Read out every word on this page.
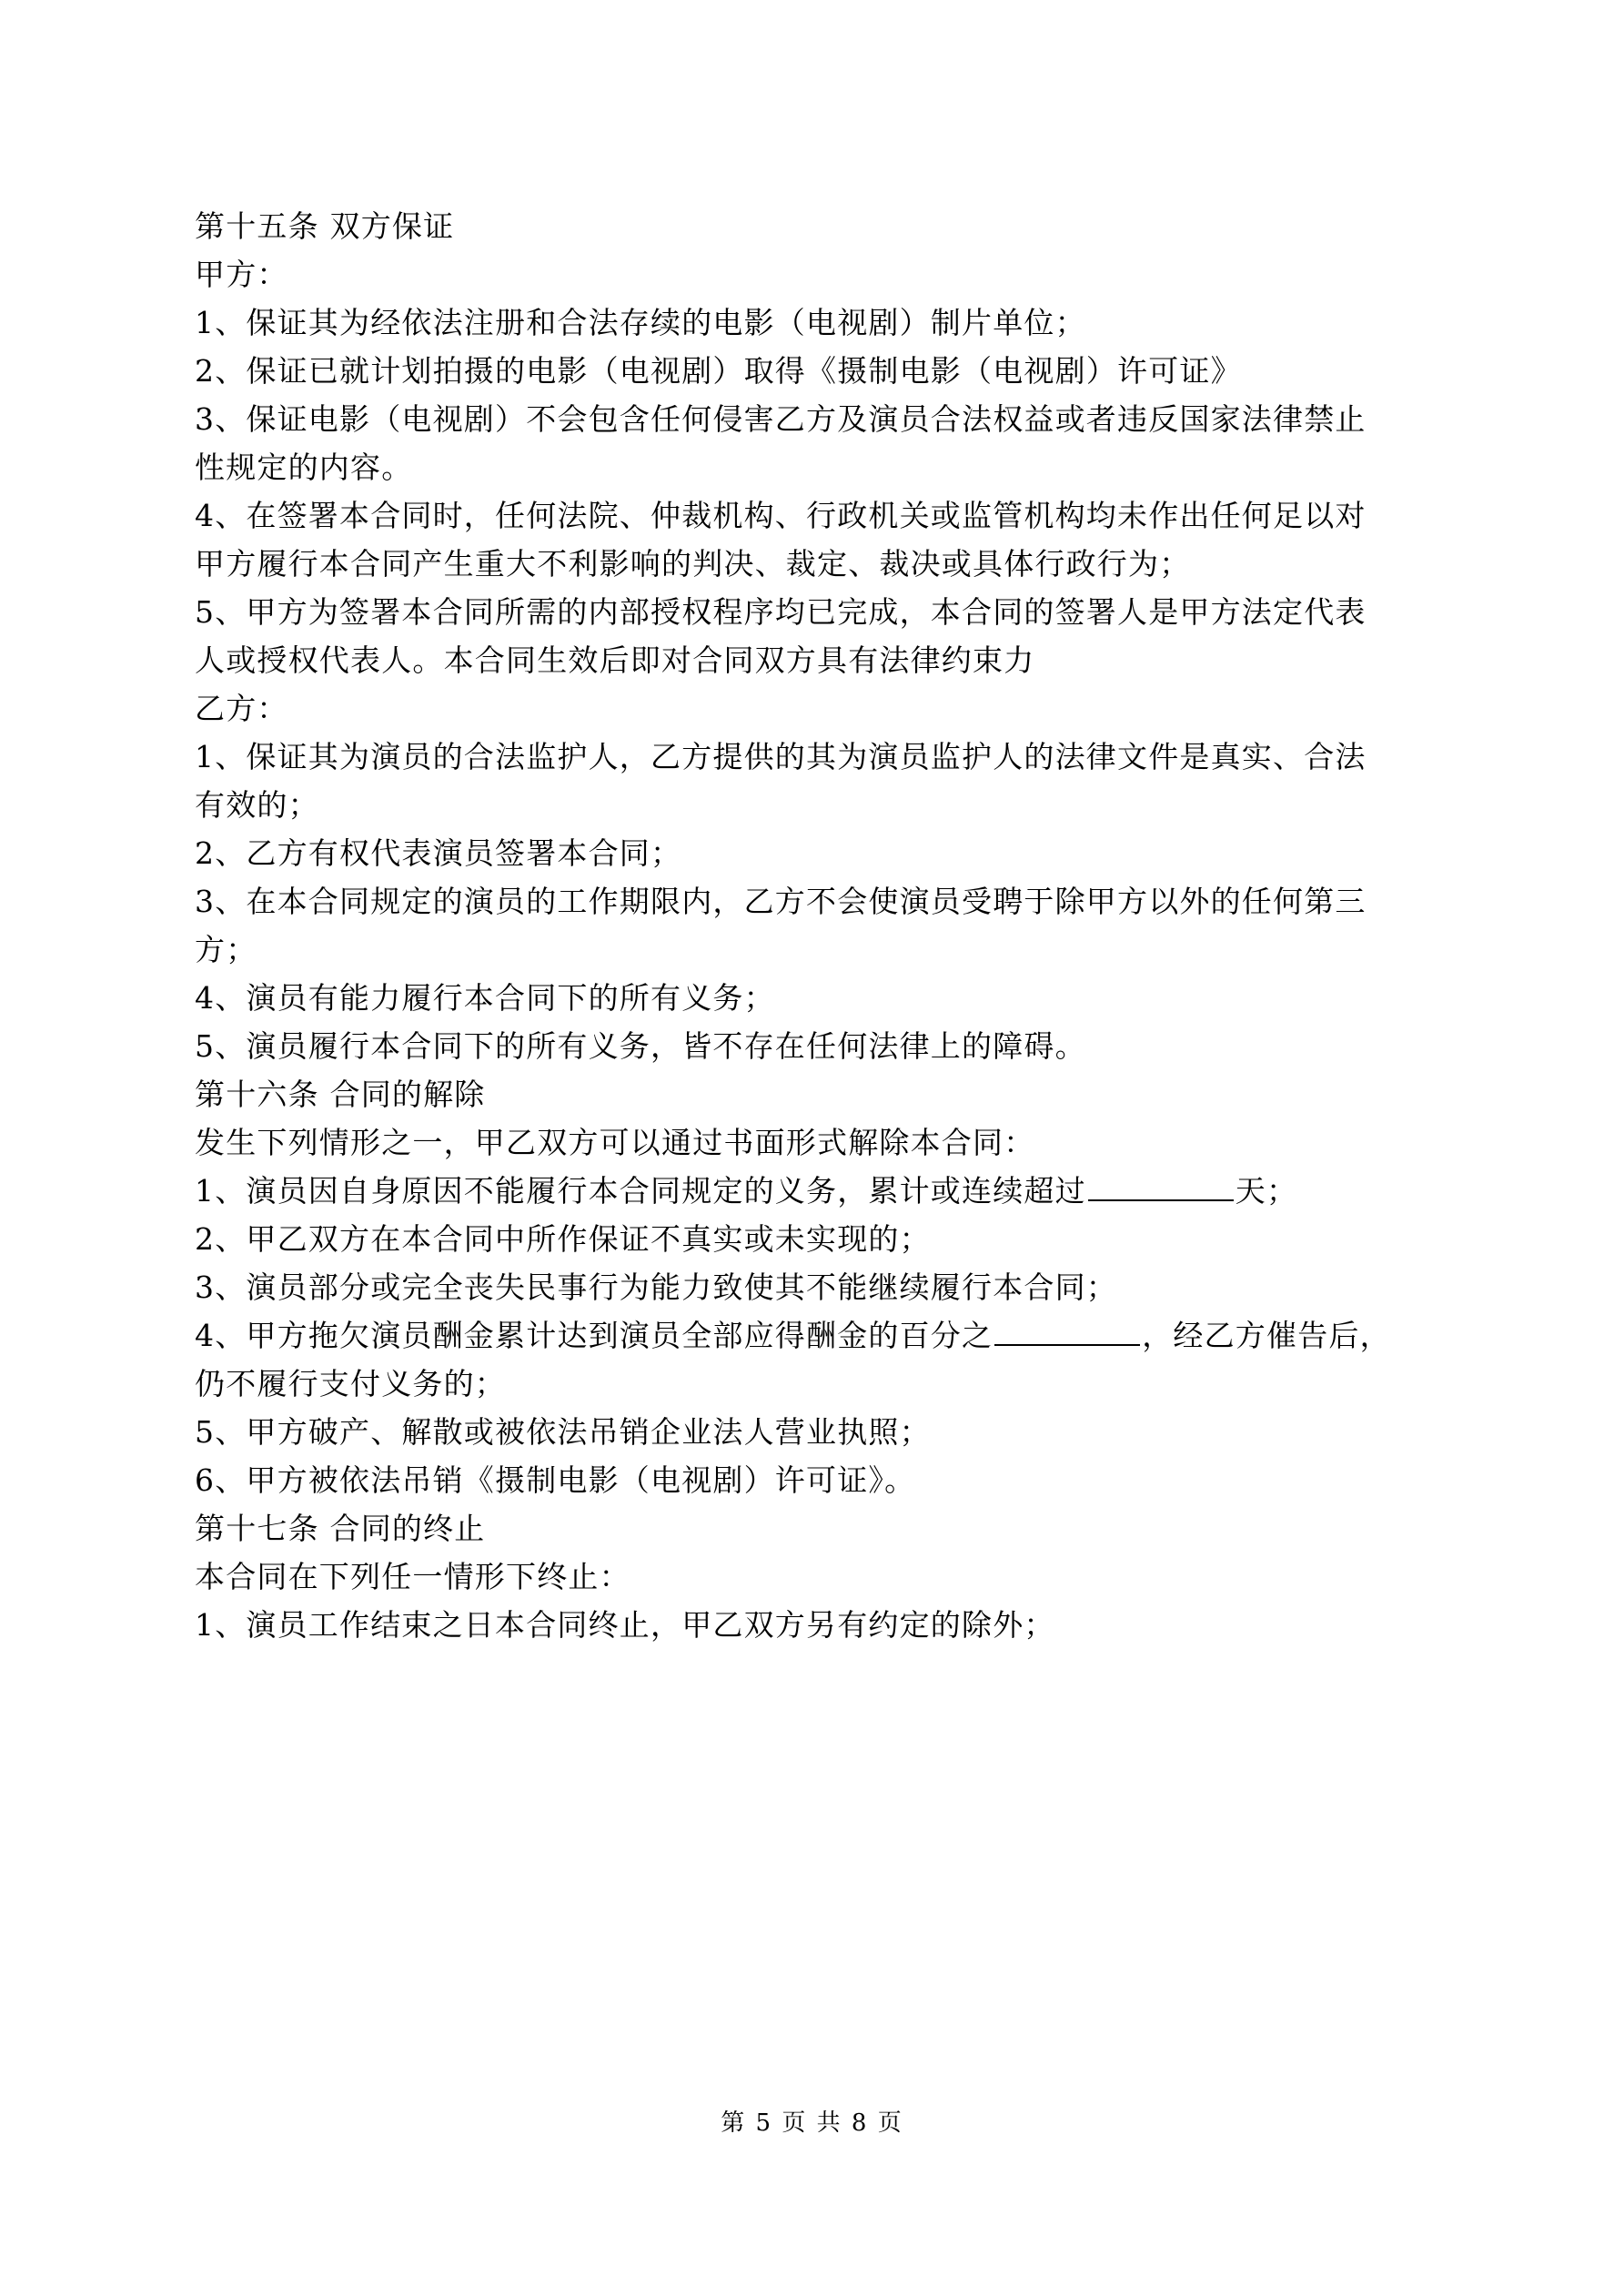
第十五条 双方保证

甲方：

1、保证其为经依法注册和合法存续的电影（电视剧）制片单位；

2、保证已就计划拍摄的电影（电视剧）取得《摄制电影（电视剧）许可证》

3、保证电影（电视剧）不会包含任何侵害乙方及演员合法权益或者违反国家法律禁止

性规定的内容。

4、在签署本合同时，任何法院、仲裁机构、行政机关或监管机构均未作出任何足以对

甲方履行本合同产生重大不利影响的判决、裁定、裁决或具体行政行为；

5、甲方为签署本合同所需的内部授权程序均已完成，本合同的签署人是甲方法定代表

人或授权代表人。本合同生效后即对合同双方具有法律约束力

乙方：

1、保证其为演员的合法监护人，乙方提供的其为演员监护人的法律文件是真实、合法

有效的；

2、乙方有权代表演员签署本合同；

3、在本合同规定的演员的工作期限内，乙方不会使演员受聘于除甲方以外的任何第三

方；

4、演员有能力履行本合同下的所有义务；

5、演员履行本合同下的所有义务，皆不存在任何法律上的障碍。

第十六条 合同的解除

发生下列情形之一，甲乙双方可以通过书面形式解除本合同：

1、演员因自身原因不能履行本合同规定的义务，累计或连续超过	天；

2、甲乙双方在本合同中所作保证不真实或未实现的；

3、演员部分或完全丧失民事行为能力致使其不能继续履行本合同；

4、甲方拖欠演员酬金累计达到演员全部应得酬金的百分之	，经乙方催告后，

仍不履行支付义务的；

5、甲方破产、解散或被依法吊销企业法人营业执照；

6、甲方被依法吊销《摄制电影（电视剧）许可证》。

第十七条 合同的终止

本合同在下列任一情形下终止：

1、演员工作结束之日本合同终止，甲乙双方另有约定的除外；

第 5 页 共 8 页
